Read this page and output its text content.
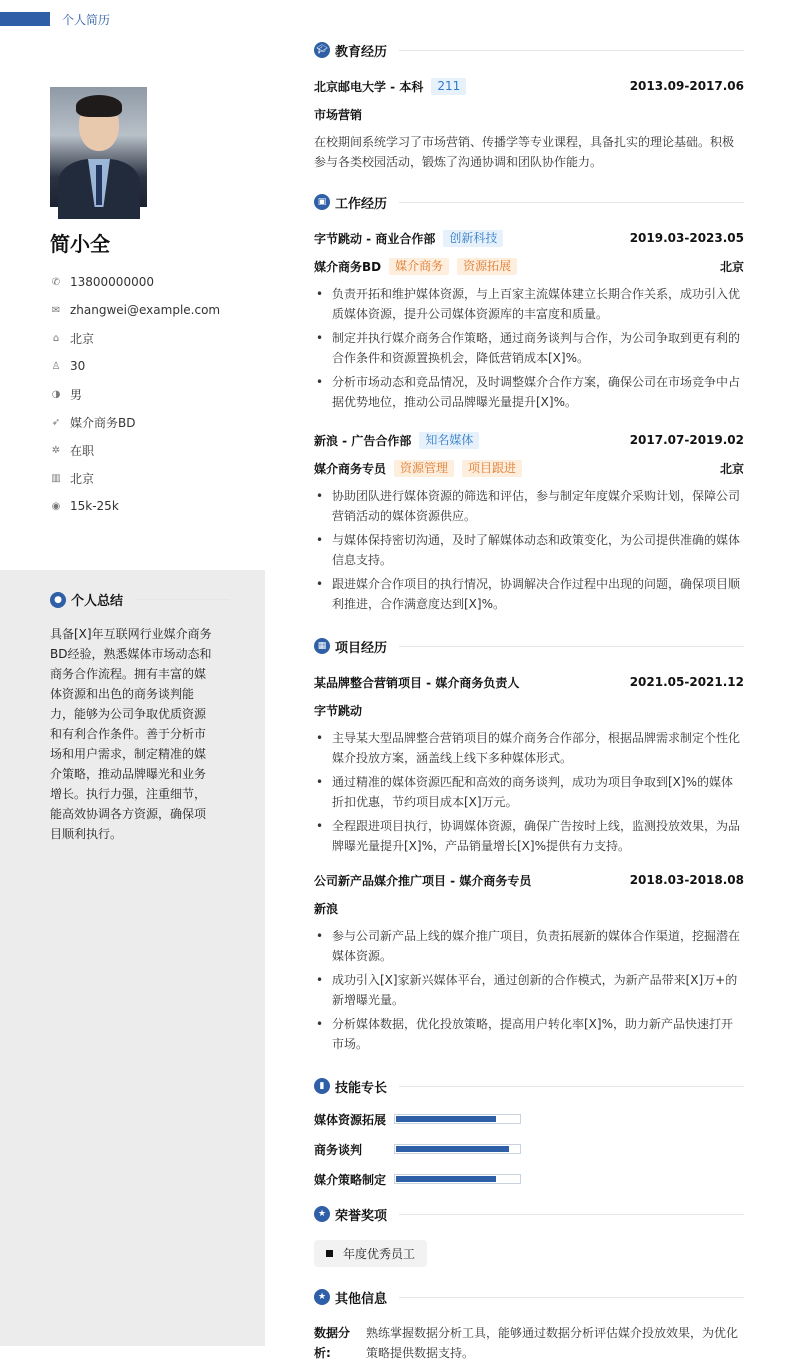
个人简历
简小全
✆ 13800000000
✉ zhangwei@example.com
⌂ 北京
♙ 30
◑ 男
➶ 媒介商务BD
✲ 在职
▥ 北京
◉ 15k-25k
● 个人总结
具备[X]年互联网行业媒介商务BD经验，熟悉媒体市场动态和商务合作流程。拥有丰富的媒体资源和出色的商务谈判能力，能够为公司争取优质资源和有利合作条件。善于分析市场和用户需求，制定精准的媒介策略，推动品牌曝光和业务增长。执行力强，注重细节，能高效协调各方资源，确保项目顺利执行。
🎓︎ 教育经历
北京邮电大学 - 本科	211	2013.09-2017.06
市场营销
在校期间系统学习了市场营销、传播学等专业课程，具备扎实的理论基础。积极参与各类校园活动，锻炼了沟通协调和团队协作能力。
▣ 工作经历
字节跳动 - 商业合作部	创新科技	2019.03-2023.05
媒介商务BD	媒介商务	资源拓展	北京
• 负责开拓和维护媒体资源，与上百家主流媒体建立长期合作关系，成功引入优质媒体资源，提升公司媒体资源库的丰富度和质量。
• 制定并执行媒介商务合作策略，通过商务谈判与合作，为公司争取到更有利的合作条件和资源置换机会，降低营销成本[X]%。
• 分析市场动态和竞品情况，及时调整媒介合作方案，确保公司在市场竞争中占据优势地位，推动公司品牌曝光量提升[X]%。
新浪 - 广告合作部	知名媒体	2017.07-2019.02
媒介商务专员	资源管理	项目跟进	北京
• 协助团队进行媒体资源的筛选和评估，参与制定年度媒介采购计划，保障公司营销活动的媒体资源供应。
• 与媒体保持密切沟通，及时了解媒体动态和政策变化，为公司提供准确的媒体信息支持。
• 跟进媒介合作项目的执行情况，协调解决合作过程中出现的问题，确保项目顺利推进，合作满意度达到[X]%。
▦ 项目经历
某品牌整合营销项目 - 媒介商务负责人	2021.05-2021.12
字节跳动
• 主导某大型品牌整合营销项目的媒介商务合作部分，根据品牌需求制定个性化媒介投放方案，涵盖线上线下多种媒体形式。
• 通过精准的媒体资源匹配和高效的商务谈判，成功为项目争取到[X]%的媒体折扣优惠，节约项目成本[X]万元。
• 全程跟进项目执行，协调媒体资源，确保广告按时上线，监测投放效果，为品牌曝光量提升[X]%，产品销量增长[X]%提供有力支持。
公司新产品媒介推广项目 - 媒介商务专员	2018.03-2018.08
新浪
• 参与公司新产品上线的媒介推广项目，负责拓展新的媒体合作渠道，挖掘潜在媒体资源。
• 成功引入[X]家新兴媒体平台，通过创新的合作模式，为新产品带来[X]万+的新增曝光量。
• 分析媒体数据，优化投放策略，提高用户转化率[X]%，助力新产品快速打开市场。
▮ 技能专长
媒体资源拓展
商务谈判
媒介策略制定
★ 荣誉奖项
年度优秀员工
★ 其他信息
数据分析:
熟练掌握数据分析工具，能够通过数据分析评估媒介投放效果，为优化策略提供数据支持。
